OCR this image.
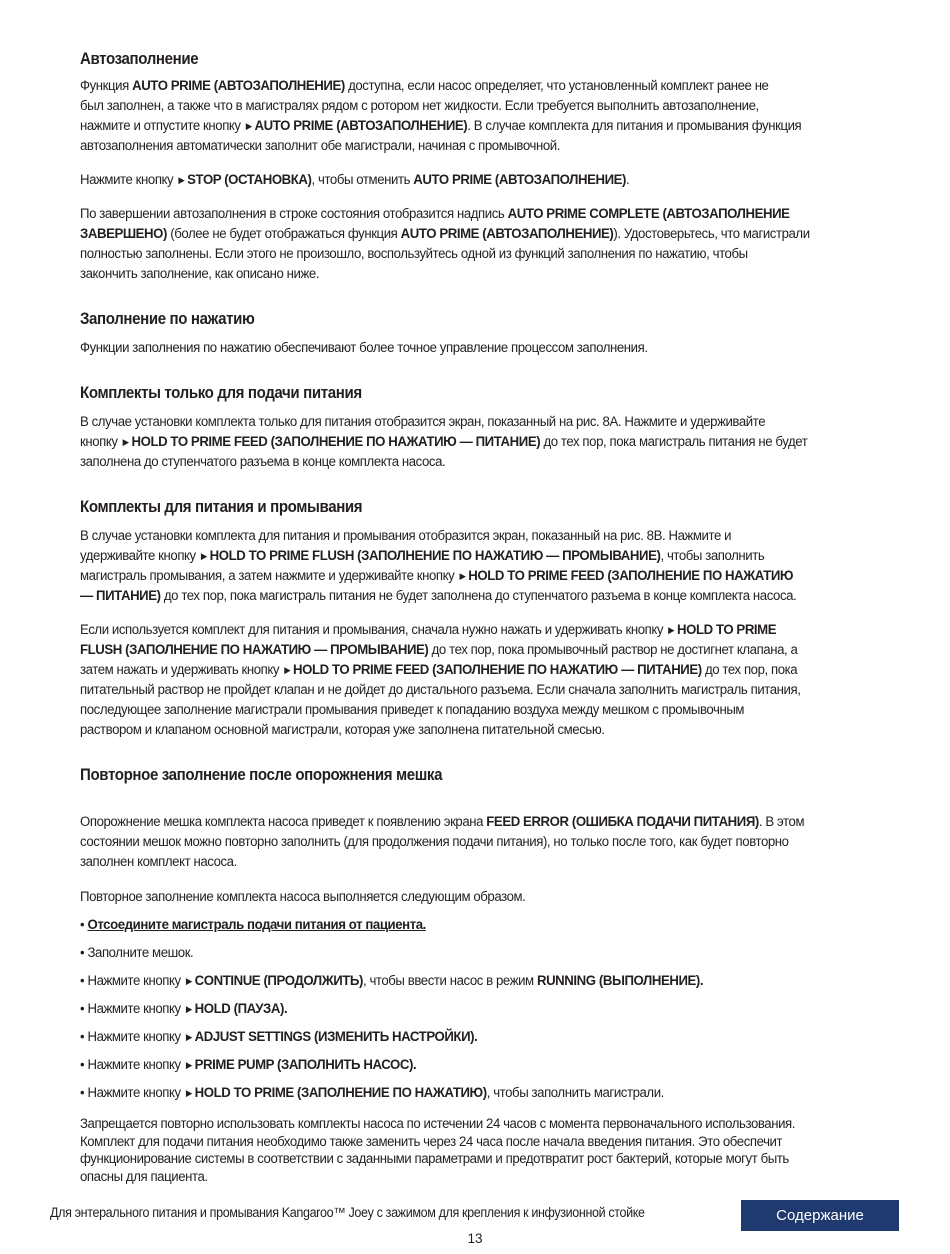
Автозаполнение
Функция AUTO PRIME (АВТОЗАПОЛНЕНИЕ) доступна, если насос определяет, что установленный комплект ранее не
был заполнен, а также что в магистралях рядом с ротором нет жидкости. Если требуется выполнить автозаполнение,
нажмите и отпустите кнопку ▶ AUTO PRIME (АВТОЗАПОЛНЕНИЕ). В случае комплекта для питания и промывания функция
автозаполнения автоматически заполнит обе магистрали, начиная с промывочной.
Нажмите кнопку ▶ STOP (ОСТАНОВКА), чтобы отменить AUTO PRIME (АВТОЗАПОЛНЕНИЕ).
По завершении автозаполнения в строке состояния отобразится надпись AUTO PRIME COMPLETE (АВТОЗАПОЛНЕНИЕ
ЗАВЕРШЕНО) (более не будет отображаться функция AUTO PRIME (АВТОЗАПОЛНЕНИЕ)). Удостоверьтесь, что магистрали
полностью заполнены. Если этого не произошло, воспользуйтесь одной из функций заполнения по нажатию, чтобы
закончить заполнение, как описано ниже.
Заполнение по нажатию
Функции заполнения по нажатию обеспечивают более точное управление процессом заполнения.
Комплекты только для подачи питания
В случае установки комплекта только для питания отобразится экран, показанный на рис. 8A. Нажмите и удерживайте
кнопку ▶ HOLD TO PRIME FEED (ЗАПОЛНЕНИЕ ПО НАЖАТИЮ — ПИТАНИЕ) до тех пор, пока магистраль питания не будет
заполнена до ступенчатого разъема в конце комплекта насоса.
Комплекты для питания и промывания
В случае установки комплекта для питания и промывания отобразится экран, показанный на рис. 8B. Нажмите и
удерживайте кнопку ▶ HOLD TO PRIME FLUSH (ЗАПОЛНЕНИЕ ПО НАЖАТИЮ — ПРОМЫВАНИЕ), чтобы заполнить
магистраль промывания, а затем нажмите и удерживайте кнопку ▶ HOLD TO PRIME FEED (ЗАПОЛНЕНИЕ ПО НАЖАТИЮ
— ПИТАНИЕ) до тех пор, пока магистраль питания не будет заполнена до ступенчатого разъема в конце комплекта насоса.
Если используется комплект для питания и промывания, сначала нужно нажать и удерживать кнопку ▶ HOLD TO PRIME
FLUSH (ЗАПОЛНЕНИЕ ПО НАЖАТИЮ — ПРОМЫВАНИЕ) до тех пор, пока промывочный раствор не достигнет клапана, а
затем нажать и удерживать кнопку ▶ HOLD TO PRIME FEED (ЗАПОЛНЕНИЕ ПО НАЖАТИЮ — ПИТАНИЕ) до тех пор, пока
питательный раствор не пройдет клапан и не дойдет до дистального разъема. Если сначала заполнить магистраль питания,
последующее заполнение магистрали промывания приведет к попаданию воздуха между мешком с промывочным
раствором и клапаном основной магистрали, которая уже заполнена питательной смесью.
Повторное заполнение после опорожнения мешка
Опорожнение мешка комплекта насоса приведет к появлению экрана FEED ERROR (ОШИБКА ПОДАЧИ ПИТАНИЯ). В этом
состоянии мешок можно повторно заполнить (для продолжения подачи питания), но только после того, как будет повторно
заполнен комплект насоса.
Повторное заполнение комплекта насоса выполняется следующим образом.
• Отсоедините магистраль подачи питания от пациента.
• Заполните мешок.
• Нажмите кнопку ▶ CONTINUE (ПРОДОЛЖИТЬ), чтобы ввести насос в режим RUNNING (ВЫПОЛНЕНИЕ).
• Нажмите кнопку ▶ HOLD (ПАУЗА).
• Нажмите кнопку ▶ ADJUST SETTINGS (ИЗМЕНИТЬ НАСТРОЙКИ).
• Нажмите кнопку ▶ PRIME PUMP (ЗАПОЛНИТЬ НАСОС).
• Нажмите кнопку ▶ HOLD TO PRIME (ЗАПОЛНЕНИЕ ПО НАЖАТИЮ), чтобы заполнить магистрали.
Запрещается повторно использовать комплекты насоса по истечении 24 часов с момента первоначального использования.
Комплект для подачи питания необходимо также заменить через 24 часа после начала введения питания. Это обеспечит
функционирование системы в соответствии с заданными параметрами и предотвратит рост бактерий, которые могут быть
опасны для пациента.
Для энтерального питания и промывания Kangaroo™ Joey с зажимом для крепления к инфузионной стойке	Содержание
13
